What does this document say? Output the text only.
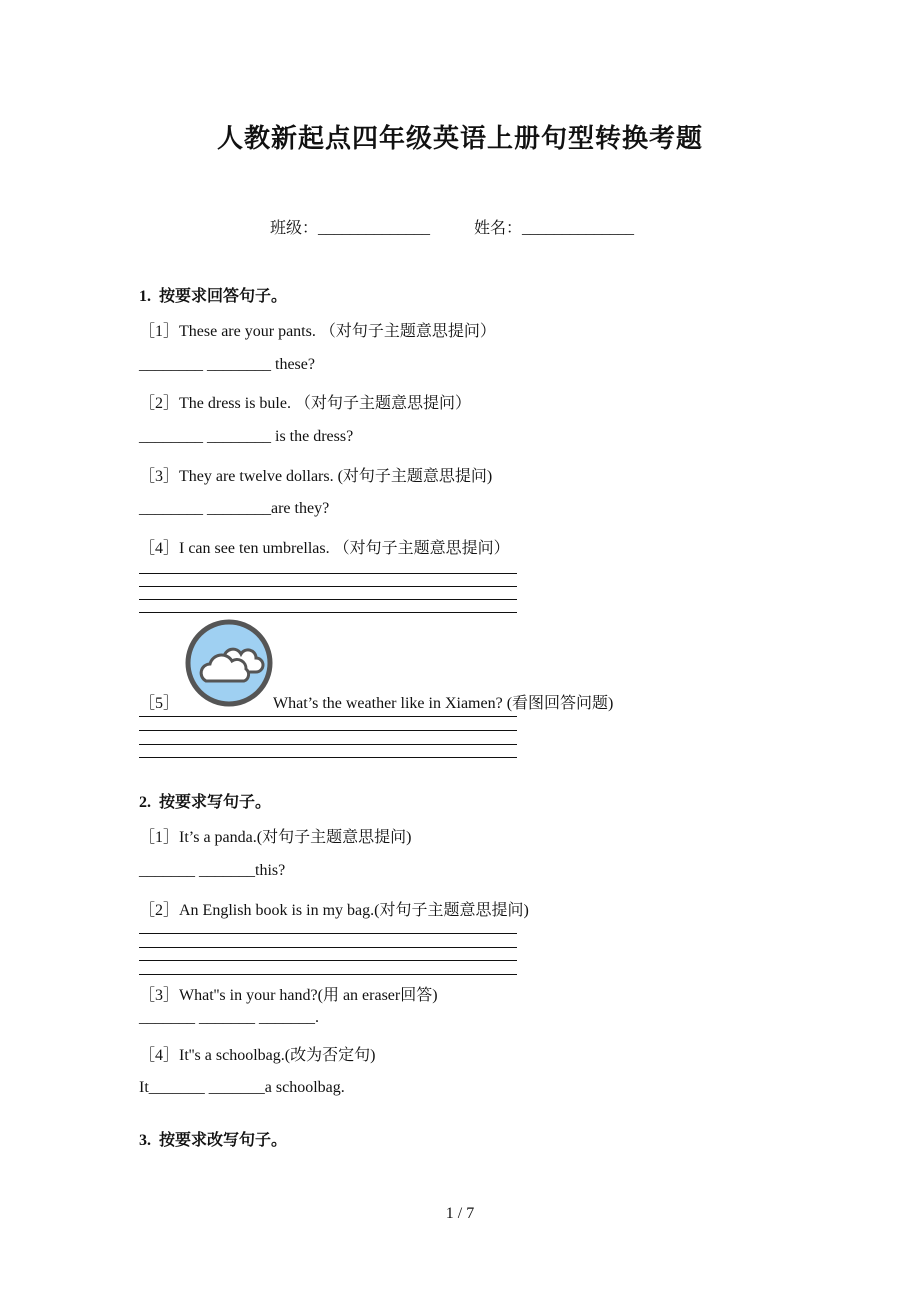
人教新起点四年级英语上册句型转换考题
班级：______________	姓名：______________
1. 按要求回答句子。
［1］These are your pants. （对句子主题意思提问）
________ ________ these?
［2］The dress is bule. （对句子主题意思提问）
________ ________ is the dress?
［3］They are twelve dollars. (对句子主题意思提问)
________ ________are they?
［4］I can see ten umbrellas. （对句子主题意思提问）
［5］	What’s the weather like in Xiamen? (看图回答问题)
2. 按要求写句子。
［1］It’s a panda.(对句子主题意思提问)
_______ _______this?
［2］An English book is in my bag.(对句子主题意思提问)
［3］What''s in your hand?(用 an eraser回答)
_______ _______ _______.
［4］It''s a schoolbag.(改为否定句)
It_______ _______a schoolbag.
3. 按要求改写句子。
1 / 7
